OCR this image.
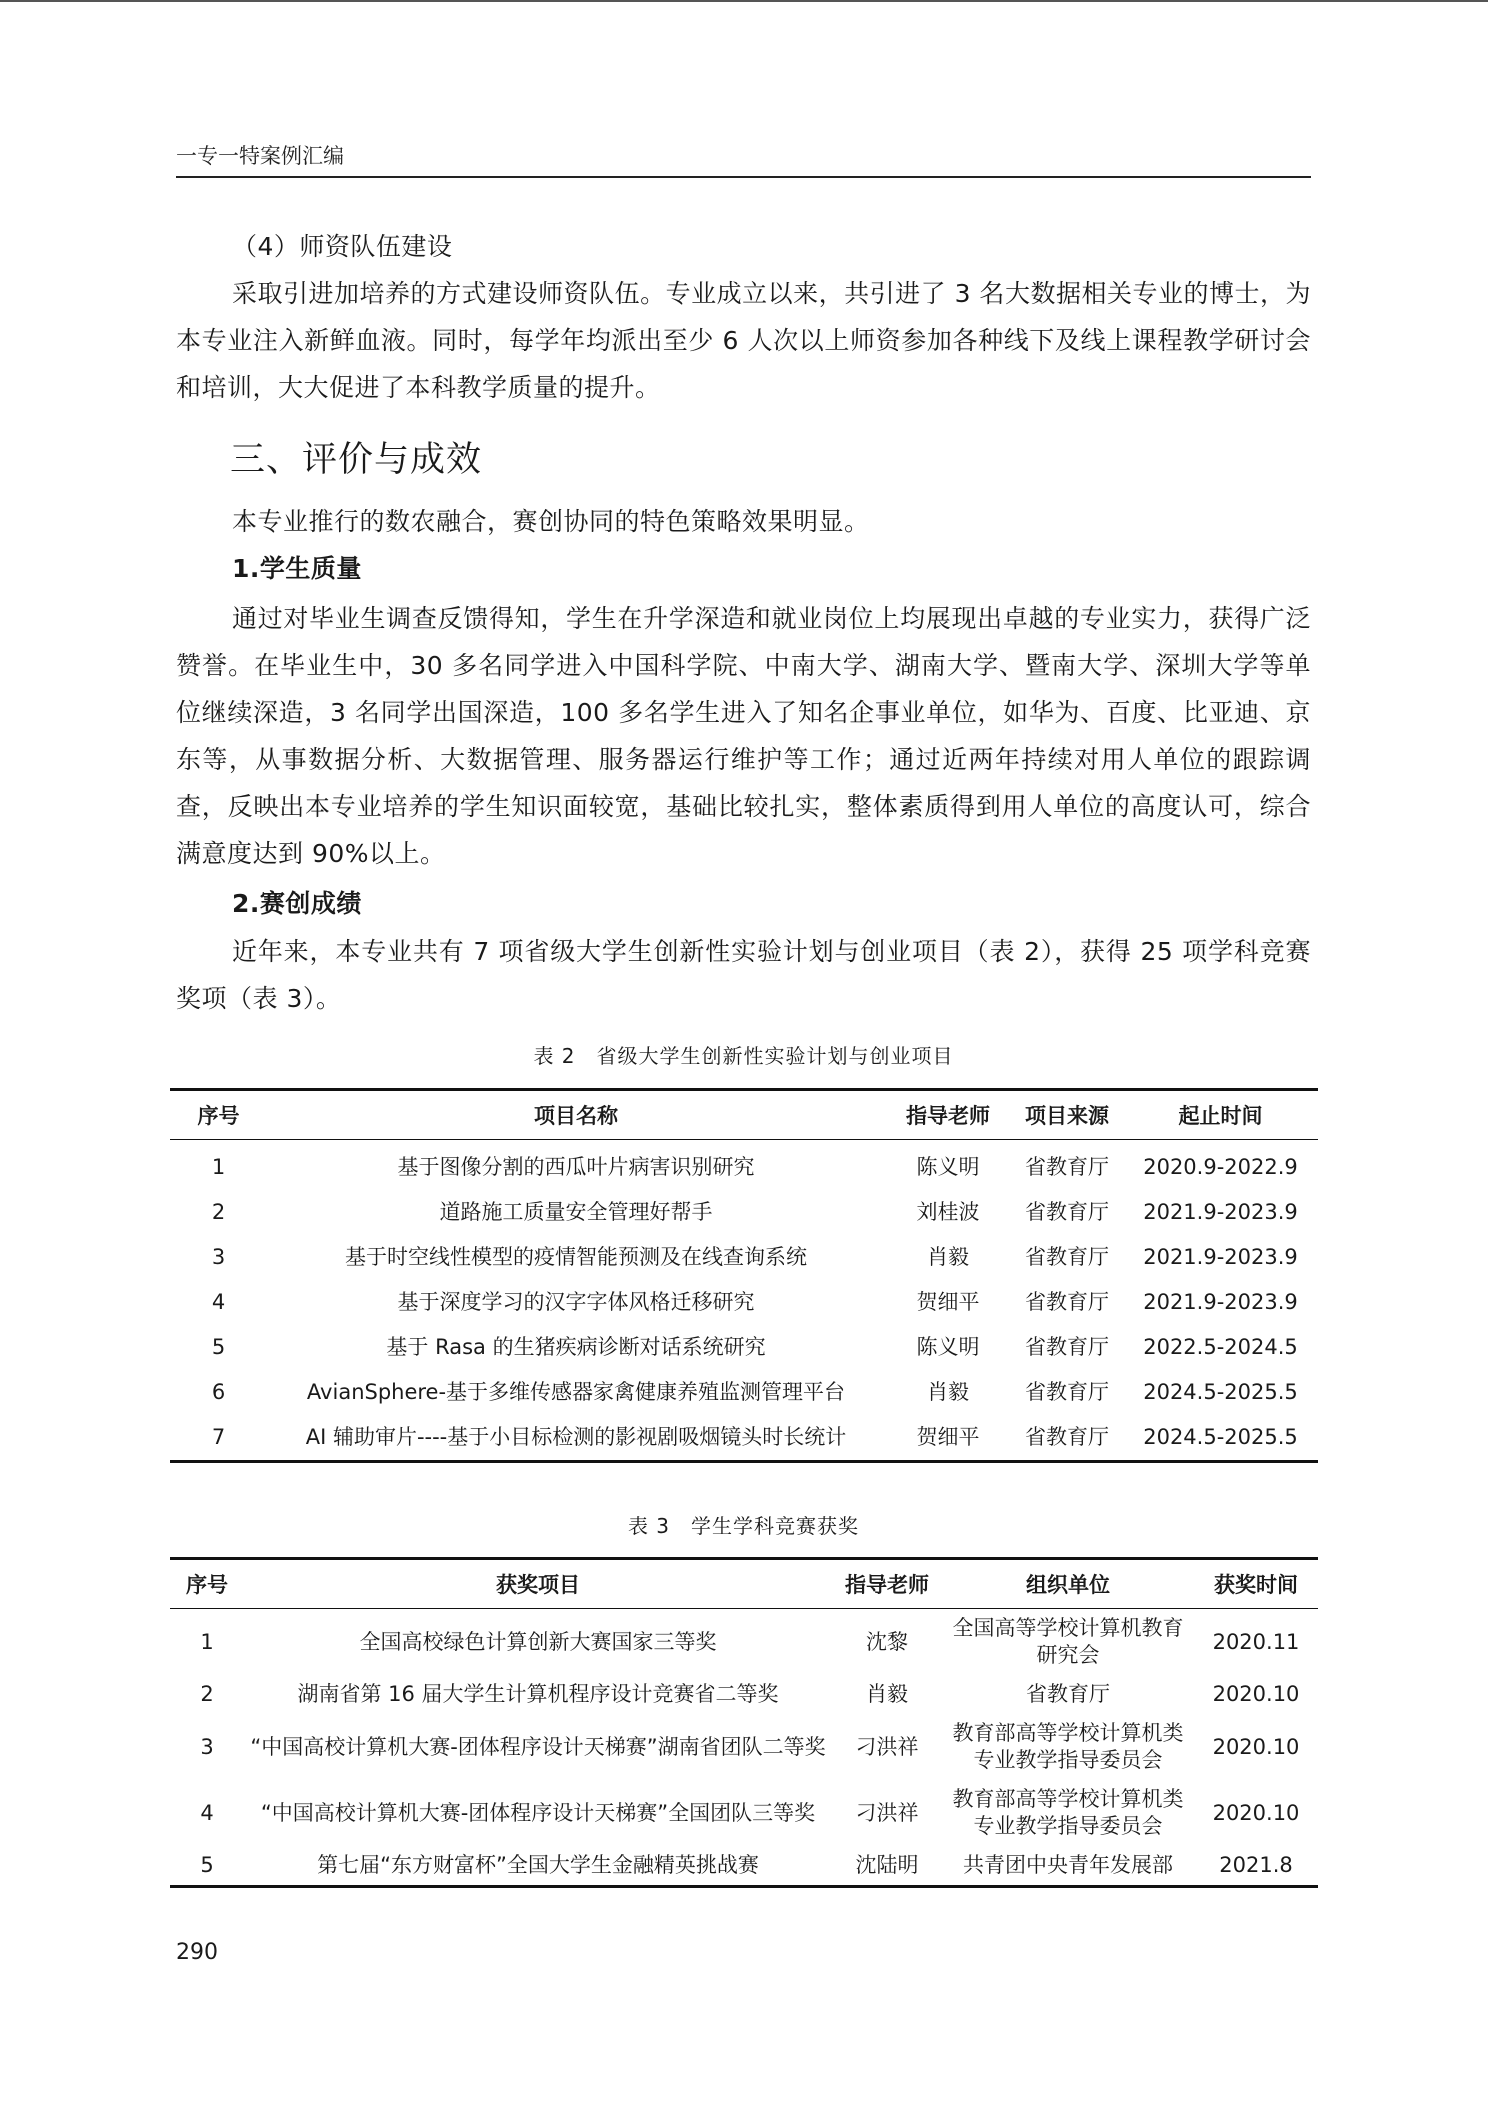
一专一特案例汇编
（4）师资队伍建设
采取引进加培养的方式建设师资队伍。专业成立以来，共引进了 3 名大数据相关专业的博士，为本专业注入新鲜血液。同时，每学年均派出至少 6 人次以上师资参加各种线下及线上课程教学研讨会和培训，大大促进了本科教学质量的提升。
三、评价与成效
本专业推行的数农融合，赛创协同的特色策略效果明显。
1.学生质量
通过对毕业生调查反馈得知，学生在升学深造和就业岗位上均展现出卓越的专业实力，获得广泛赞誉。在毕业生中，30 多名同学进入中国科学院、中南大学、湖南大学、暨南大学、深圳大学等单位继续深造，3 名同学出国深造，100 多名学生进入了知名企事业单位，如华为、百度、比亚迪、京东等，从事数据分析、大数据管理、服务器运行维护等工作；通过近两年持续对用人单位的跟踪调查，反映出本专业培养的学生知识面较宽，基础比较扎实，整体素质得到用人单位的高度认可，综合满意度达到 90%以上。
2.赛创成绩
近年来，本专业共有 7 项省级大学生创新性实验计划与创业项目（表 2），获得 25 项学科竞赛奖项（表 3）。
表 2　省级大学生创新性实验计划与创业项目
序号	项目名称	指导老师	项目来源	起止时间
1	基于图像分割的西瓜叶片病害识别研究	陈义明	省教育厅	2020.9-2022.9
2	道路施工质量安全管理好帮手	刘桂波	省教育厅	2021.9-2023.9
3	基于时空线性模型的疫情智能预测及在线查询系统	肖毅	省教育厅	2021.9-2023.9
4	基于深度学习的汉字字体风格迁移研究	贺细平	省教育厅	2021.9-2023.9
5	基于 Rasa 的生猪疾病诊断对话系统研究	陈义明	省教育厅	2022.5-2024.5
6	AvianSphere-基于多维传感器家禽健康养殖监测管理平台	肖毅	省教育厅	2024.5-2025.5
7	AI 辅助审片----基于小目标检测的影视剧吸烟镜头时长统计	贺细平	省教育厅	2024.5-2025.5
表 3　学生学科竞赛获奖
序号	获奖项目	指导老师	组织单位	获奖时间
1	全国高校绿色计算创新大赛国家三等奖	沈黎	全国高等学校计算机教育研究会	2020.11
2	湖南省第 16 届大学生计算机程序设计竞赛省二等奖	肖毅	省教育厅	2020.10
3	“中国高校计算机大赛-团体程序设计天梯赛”湖南省团队二等奖	刁洪祥	教育部高等学校计算机类专业教学指导委员会	2020.10
4	“中国高校计算机大赛-团体程序设计天梯赛”全国团队三等奖	刁洪祥	教育部高等学校计算机类专业教学指导委员会	2020.10
5	第七届“东方财富杯”全国大学生金融精英挑战赛	沈陆明	共青团中央青年发展部	2021.8
290
